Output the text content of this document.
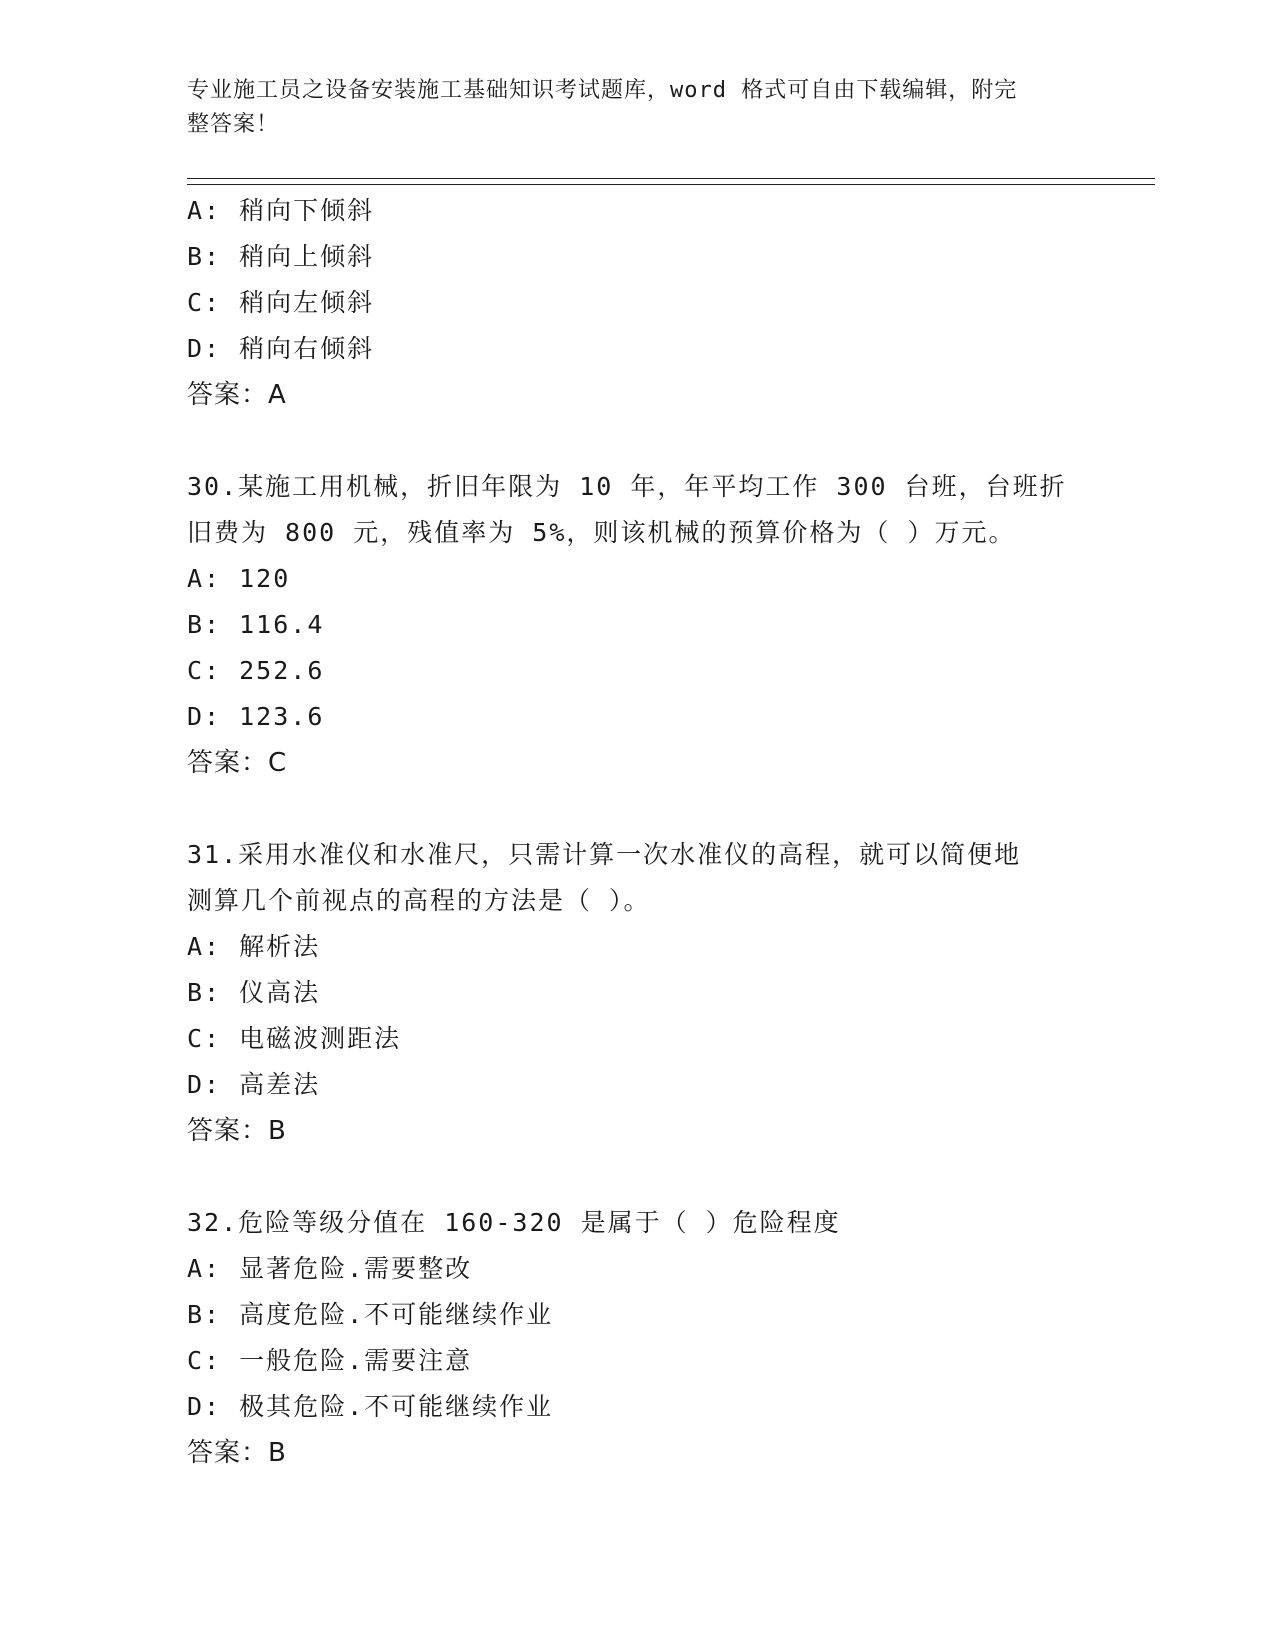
专业施工员之设备安装施工基础知识考试题库，word 格式可自由下载编辑，附完
整答案！
A: 稍向下倾斜
B: 稍向上倾斜
C: 稍向左倾斜
D: 稍向右倾斜
答案：A
30.某施工用机械，折旧年限为 10 年，年平均工作 300 台班，台班折
旧费为 800 元，残值率为 5%，则该机械的预算价格为（ ）万元。
A: 120
B: 116.4
C: 252.6
D: 123.6
答案：C
31.采用水准仪和水准尺，只需计算一次水准仪的高程，就可以简便地
测算几个前视点的高程的方法是（ ）。
A: 解析法
B: 仪高法
C: 电磁波测距法
D: 高差法
答案：B
32.危险等级分值在 160-320 是属于（ ）危险程度
A: 显著危险.需要整改
B: 高度危险.不可能继续作业
C: 一般危险.需要注意
D: 极其危险.不可能继续作业
答案：B
